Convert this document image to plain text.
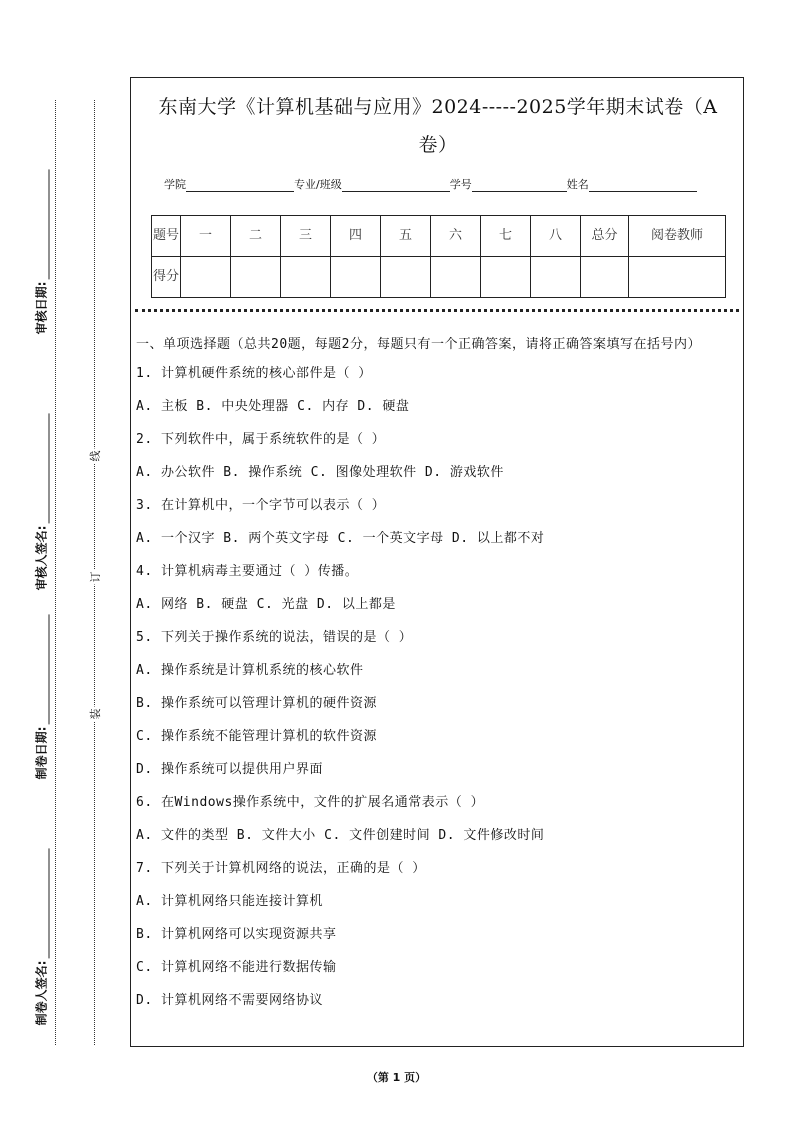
审核日期:
审核人签名:
制卷日期:
制卷人签名:
线
订
装
东南大学《计算机基础与应用》2024-----2025学年期末试卷（A
卷）
学院	专业/班级	学号	姓名
题号	一	二	三	四	五	六	七	八	总分	阅卷教师
得分										
一、单项选择题（总共20题，每题2分，每题只有一个正确答案，请将正确答案填写在括号内）
1. 计算机硬件系统的核心部件是（ ）
A. 主板 B. 中央处理器 C. 内存 D. 硬盘
2. 下列软件中，属于系统软件的是（ ）
A. 办公软件 B. 操作系统 C. 图像处理软件 D. 游戏软件
3. 在计算机中，一个字节可以表示（ ）
A. 一个汉字 B. 两个英文字母 C. 一个英文字母 D. 以上都不对
4. 计算机病毒主要通过（ ）传播。
A. 网络 B. 硬盘 C. 光盘 D. 以上都是
5. 下列关于操作系统的说法，错误的是（ ）
A. 操作系统是计算机系统的核心软件
B. 操作系统可以管理计算机的硬件资源
C. 操作系统不能管理计算机的软件资源
D. 操作系统可以提供用户界面
6. 在Windows操作系统中，文件的扩展名通常表示（ ）
A. 文件的类型 B. 文件大小 C. 文件创建时间 D. 文件修改时间
7. 下列关于计算机网络的说法，正确的是（ ）
A. 计算机网络只能连接计算机
B. 计算机网络可以实现资源共享
C. 计算机网络不能进行数据传输
D. 计算机网络不需要网络协议
（第 1 页）
